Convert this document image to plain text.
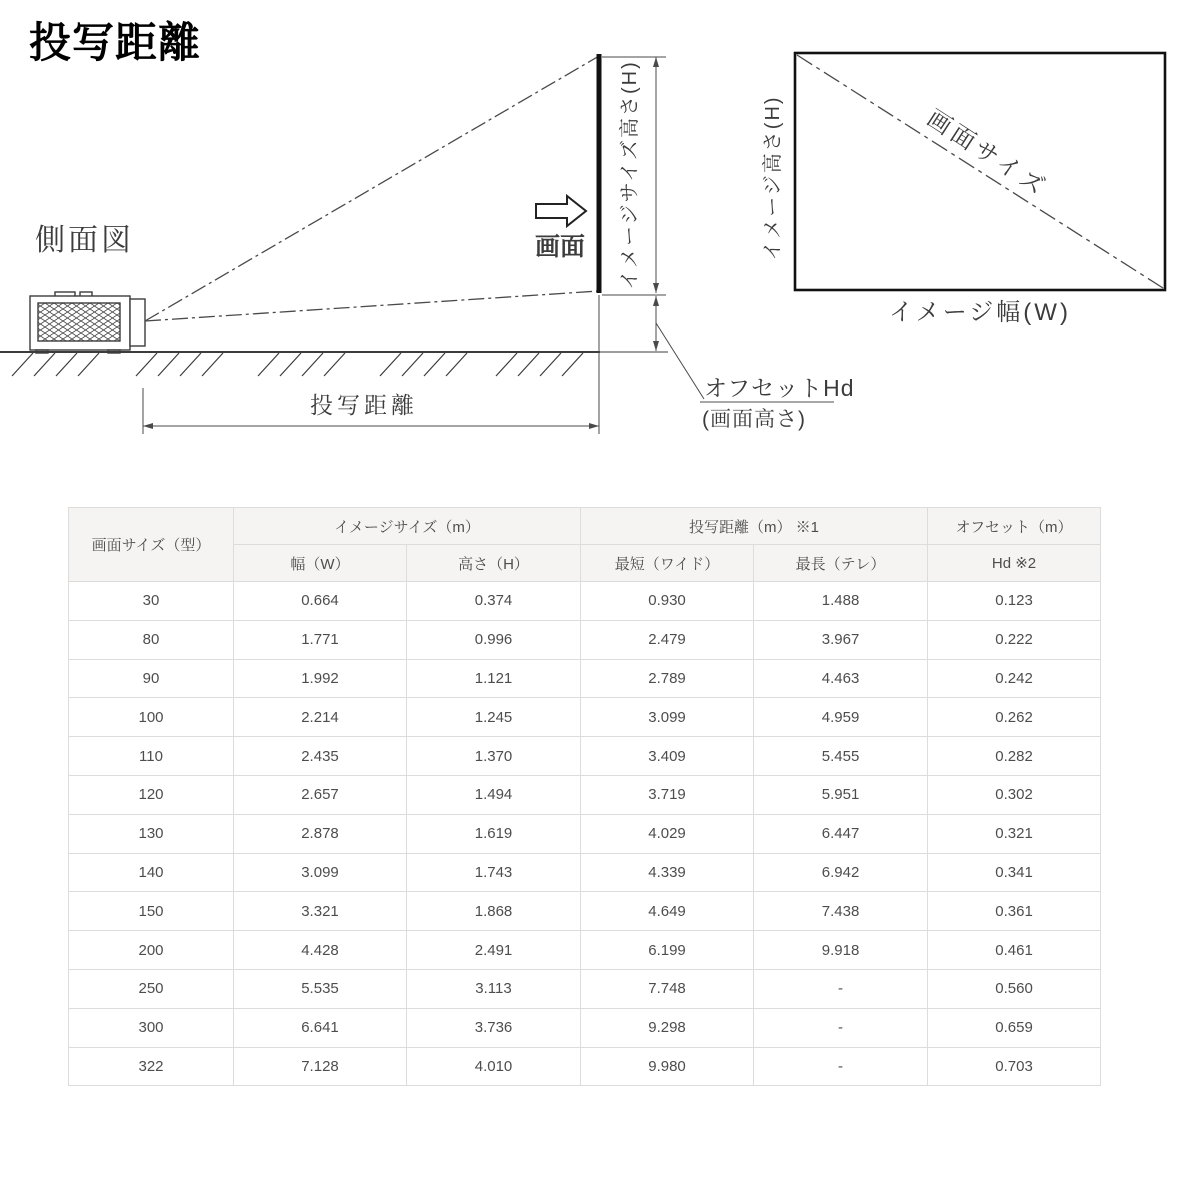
投写距離
側面図	画面 イメージサイズ高さ(H)
オフセットHd
(画面高さ)
投写距離
画面サイズ
イメージ高さ(H)
イメージ幅(W)
画面サイズ（型）	イメージサイズ（m）		投写距離（m） ※1		オフセット（m）
	幅（W）	高さ（H）	最短（ワイド）	最長（テレ）	Hd ※2
30	0.664	0.374	0.930	1.488	0.123
80	1.771	0.996	2.479	3.967	0.222
90	1.992	1.121	2.789	4.463	0.242
100	2.214	1.245	3.099	4.959	0.262
110	2.435	1.370	3.409	5.455	0.282
120	2.657	1.494	3.719	5.951	0.302
130	2.878	1.619	4.029	6.447	0.321
140	3.099	1.743	4.339	6.942	0.341
150	3.321	1.868	4.649	7.438	0.361
200	4.428	2.491	6.199	9.918	0.461
250	5.535	3.113	7.748	-	0.560
300	6.641	3.736	9.298	-	0.659
322	7.128	4.010	9.980	-	0.703
